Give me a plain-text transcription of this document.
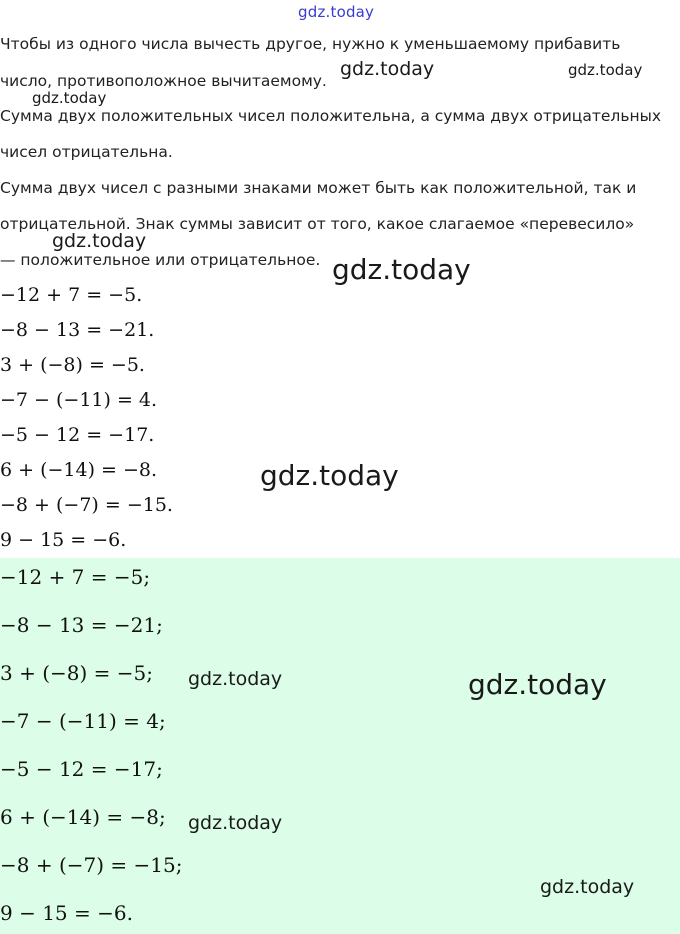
gdz.today
Чтобы из одного числа вычесть другое, нужно к уменьшаемому прибавить
число, противоположное вычитаемому.
Сумма двух положительных чисел положительна, а сумма двух отрицательных
чисел отрицательна.
Сумма двух чисел с разными знаками может быть как положительной, так и
отрицательной. Знак суммы зависит от того, какое слагаемое «перевесило»
— положительное или отрицательное.
−12 + 7 = −5.
−8 − 13 = −21.
3 + (−8) = −5.
−7 − (−11) = 4.
−5 − 12 = −17.
6 + (−14) = −8.
−8 + (−7) = −15.
9 − 15 = −6.
−12 + 7 = −5;
−8 − 13 = −21;
3 + (−8) = −5;
−7 − (−11) = 4;
−5 − 12 = −17;
6 + (−14) = −8;
−8 + (−7) = −15;
9 − 15 = −6.
gdz.today	gdz.today
gdz.today
gdz.today
gdz.today
gdz.today
gdz.today	gdz.today
gdz.today
gdz.today
